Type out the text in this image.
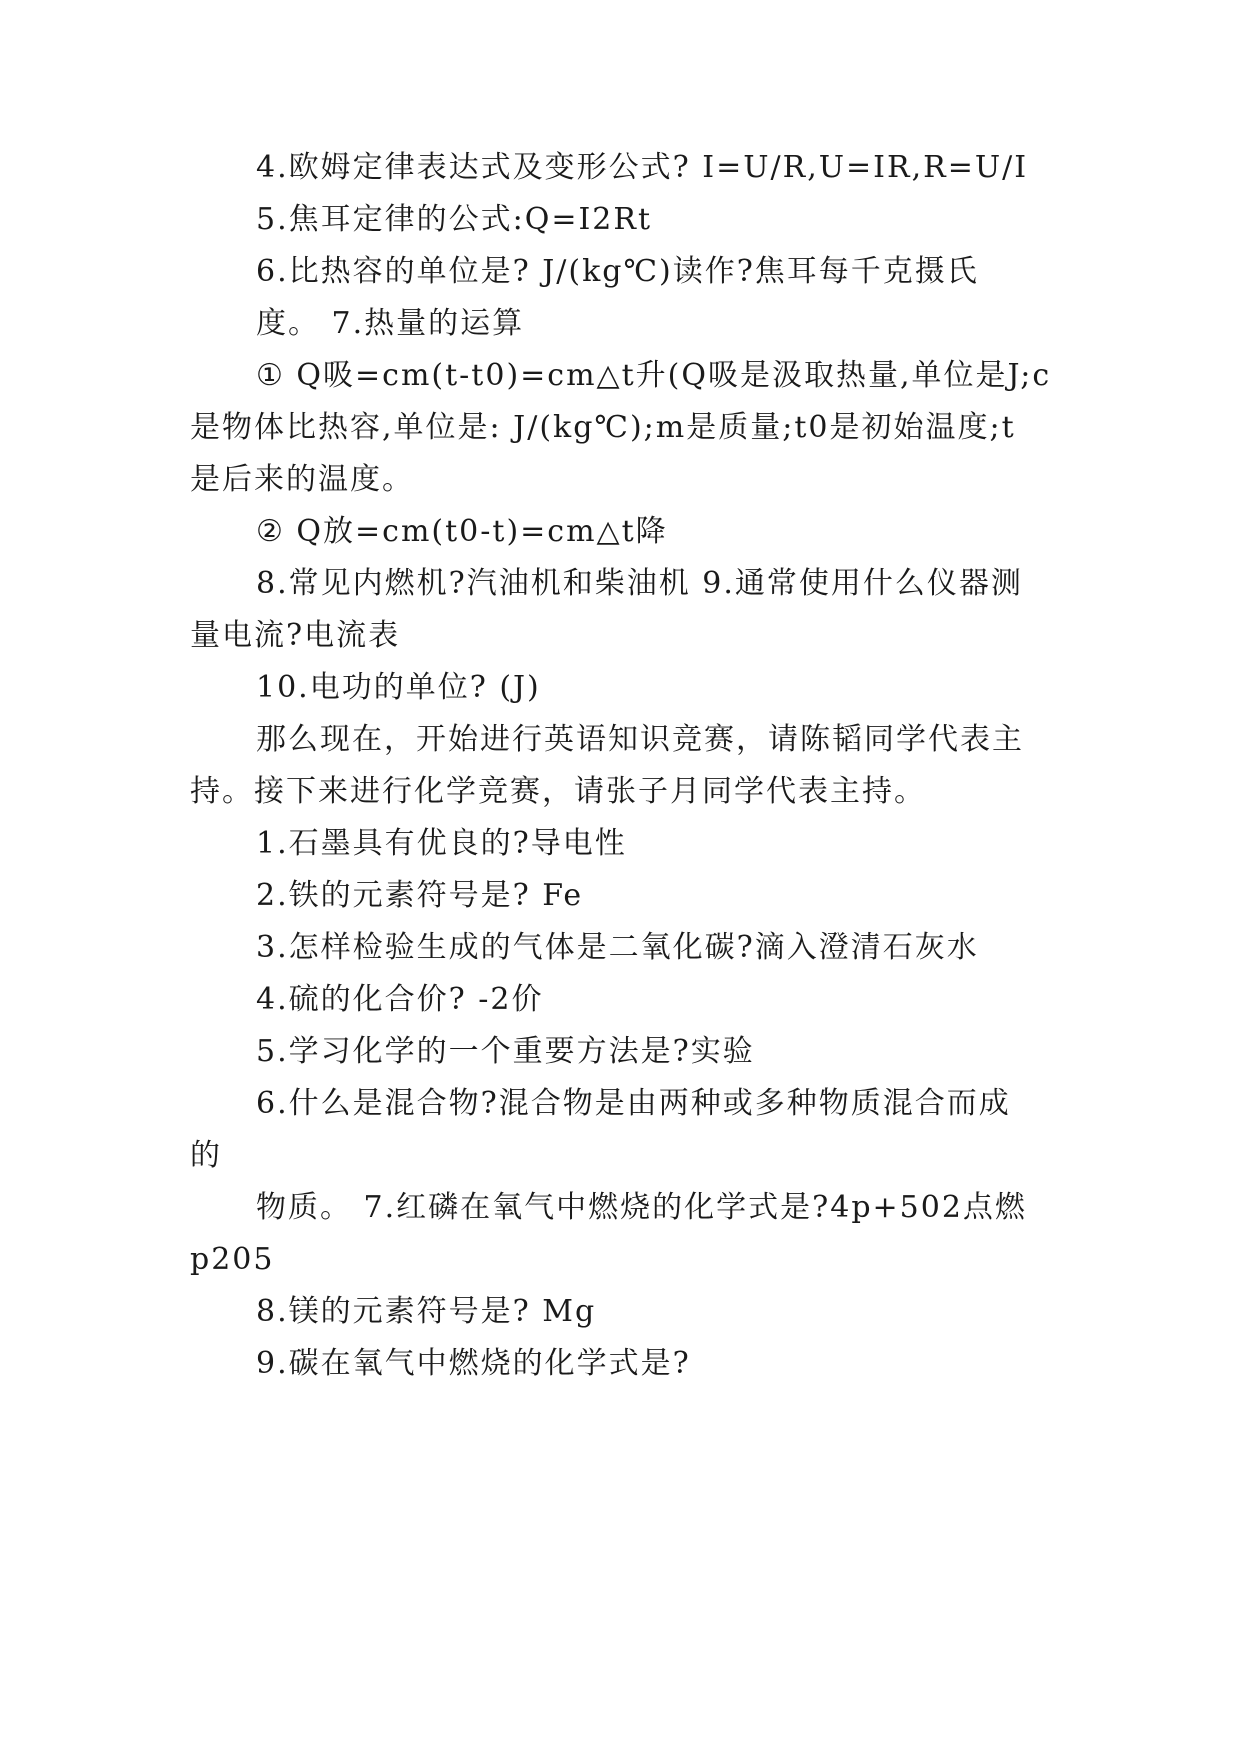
4.欧姆定律表达式及变形公式? I=U/R,U=IR,R=U/I
5.焦耳定律的公式:Q=I2Rt
6.比热容的单位是? J/(kg℃)读作?焦耳每千克摄氏
度。 7.热量的运算
① Q吸=cm(t-t0)=cm△t升(Q吸是汲取热量,单位是J;c
是物体比热容,单位是: J/(kg℃);m是质量;t0是初始温度;t
是后来的温度。
② Q放=cm(t0-t)=cm△t降
8.常见内燃机?汽油机和柴油机 9.通常使用什么仪器测
量电流?电流表
10.电功的单位? (J)
那么现在，开始进行英语知识竞赛，请陈韬同学代表主
持。接下来进行化学竞赛，请张子月同学代表主持。
1.石墨具有优良的?导电性
2.铁的元素符号是? Fe
3.怎样检验生成的气体是二氧化碳?滴入澄清石灰水
4.硫的化合价? -2价
5.学习化学的一个重要方法是?实验
6.什么是混合物?混合物是由两种或多种物质混合而成
的
物质。 7.红磷在氧气中燃烧的化学式是?4p+502点燃
p205
8.镁的元素符号是? Mg
9.碳在氧气中燃烧的化学式是?
